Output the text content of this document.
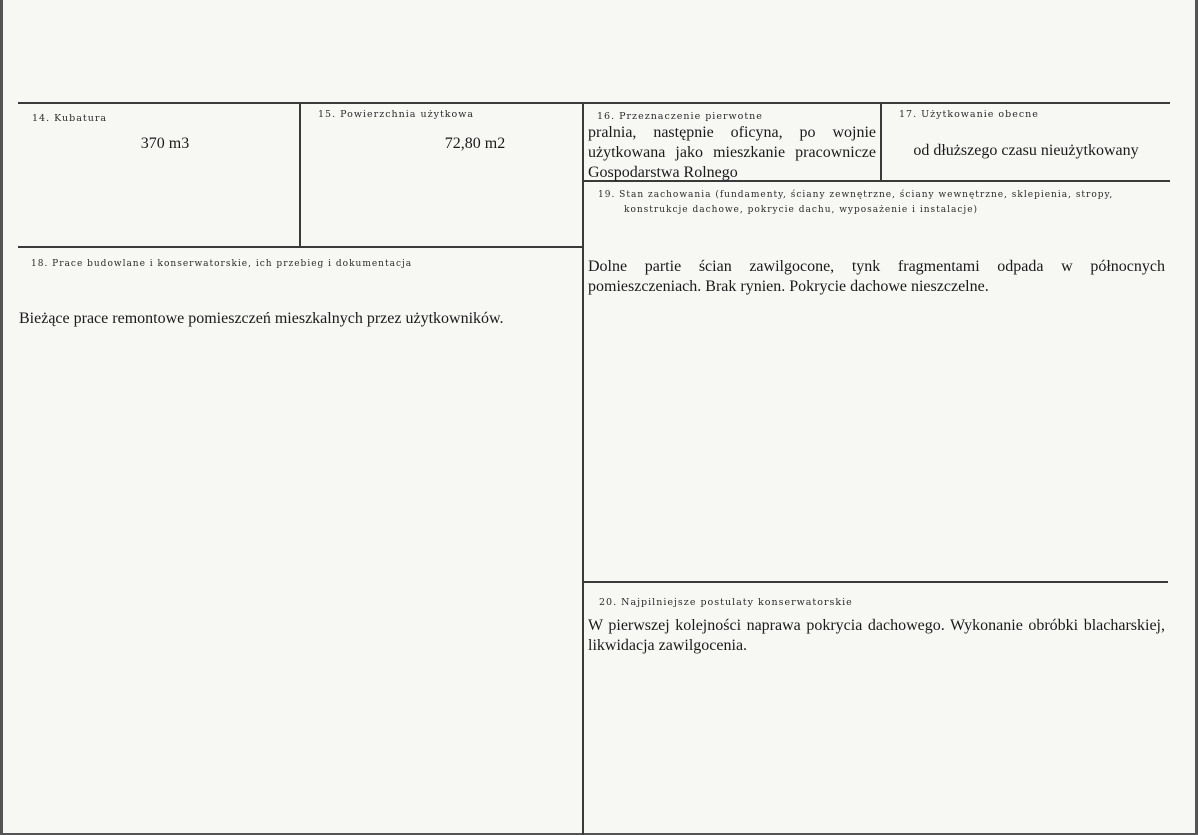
14. Kubatura
370 m3
15. Powierzchnia użytkowa
72,80 m2
16. Przeznaczenie pierwotne
pralnia, następnie oficyna, po wojnie użytkowana jako mieszkanie pracownicze Gospodarstwa Rolnego
17. Użytkowanie obecne
od dłuższego czasu nieużytkowany
19. Stan zachowania (fundamenty, ściany zewnętrzne, ściany wewnętrzne, sklepienia, stropy,
konstrukcje dachowe, pokrycie dachu, wyposażenie i instalacje)
Dolne partie ścian zawilgocone, tynk fragmentami odpada w północnych pomieszczeniach. Brak rynien. Pokrycie dachowe nieszczelne.
18. Prace budowlane i konserwatorskie, ich przebieg i dokumentacja
Bieżące prace remontowe pomieszczeń mieszkalnych przez użytkowników.
20. Najpilniejsze postulaty konserwatorskie
W pierwszej kolejności naprawa pokrycia dachowego. Wykonanie obróbki blacharskiej, likwidacja zawilgocenia.
